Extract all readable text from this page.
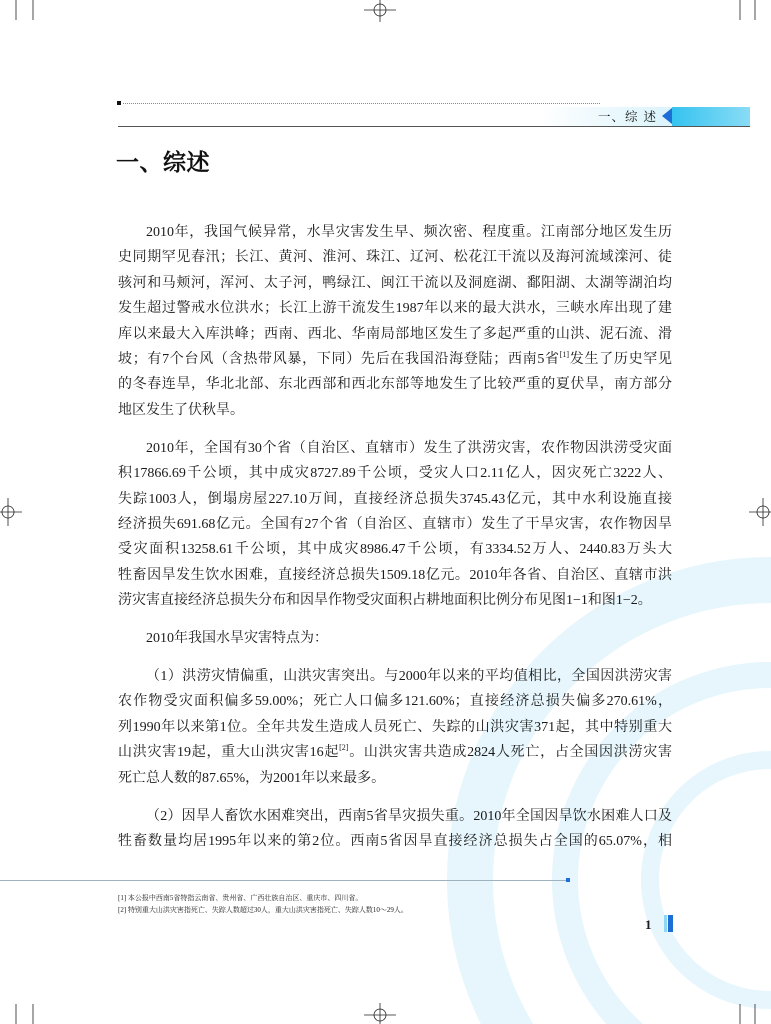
一、综 述
一、综述
2010年，我国气候异常，水旱灾害发生早、频次密、程度重。江南部分地区发生历
史同期罕见春汛；长江、黄河、淮河、珠江、辽河、松花江干流以及海河流域滦河、徒
骇河和马颊河，浑河、太子河，鸭绿江、闽江干流以及洞庭湖、鄱阳湖、太湖等湖泊均
发生超过警戒水位洪水；长江上游干流发生1987年以来的最大洪水，三峡水库出现了建
库以来最大入库洪峰；西南、西北、华南局部地区发生了多起严重的山洪、泥石流、滑
坡；有7个台风（含热带风暴，下同）先后在我国沿海登陆；西南5省[1]发生了历史罕见
的冬春连旱，华北北部、东北西部和西北东部等地发生了比较严重的夏伏旱，南方部分
地区发生了伏秋旱。
2010年，全国有30个省（自治区、直辖市）发生了洪涝灾害，农作物因洪涝受灾面
积17866.69千公顷，其中成灾8727.89千公顷，受灾人口2.11亿人，因灾死亡3222人、
失踪1003人，倒塌房屋227.10万间，直接经济总损失3745.43亿元，其中水利设施直接
经济损失691.68亿元。全国有27个省（自治区、直辖市）发生了干旱灾害，农作物因旱
受灾面积13258.61千公顷，其中成灾8986.47千公顷，有3334.52万人、2440.83万头大
牲畜因旱发生饮水困难，直接经济总损失1509.18亿元。2010年各省、自治区、直辖市洪
涝灾害直接经济总损失分布和因旱作物受灾面积占耕地面积比例分布见图1−1和图1−2。
2010年我国水旱灾害特点为：
（1）洪涝灾情偏重，山洪灾害突出。与2000年以来的平均值相比，全国因洪涝灾害
农作物受灾面积偏多59.00%；死亡人口偏多121.60%；直接经济总损失偏多270.61%，
列1990年以来第1位。全年共发生造成人员死亡、失踪的山洪灾害371起，其中特别重大
山洪灾害19起，重大山洪灾害16起[2]。山洪灾害共造成2824人死亡，占全国因洪涝灾害
死亡总人数的87.65%，为2001年以来最多。
（2）因旱人畜饮水困难突出，西南5省旱灾损失重。2010年全国因旱饮水困难人口及
牲畜数量均居1995年以来的第2位。西南5省因旱直接经济总损失占全国的65.07%，相
[1] 本公报中西南5省特指云南省、贵州省、广西壮族自治区、重庆市、四川省。
[2] 特别重大山洪灾害指死亡、失踪人数超过30人，重大山洪灾害指死亡、失踪人数10～29人。
1
